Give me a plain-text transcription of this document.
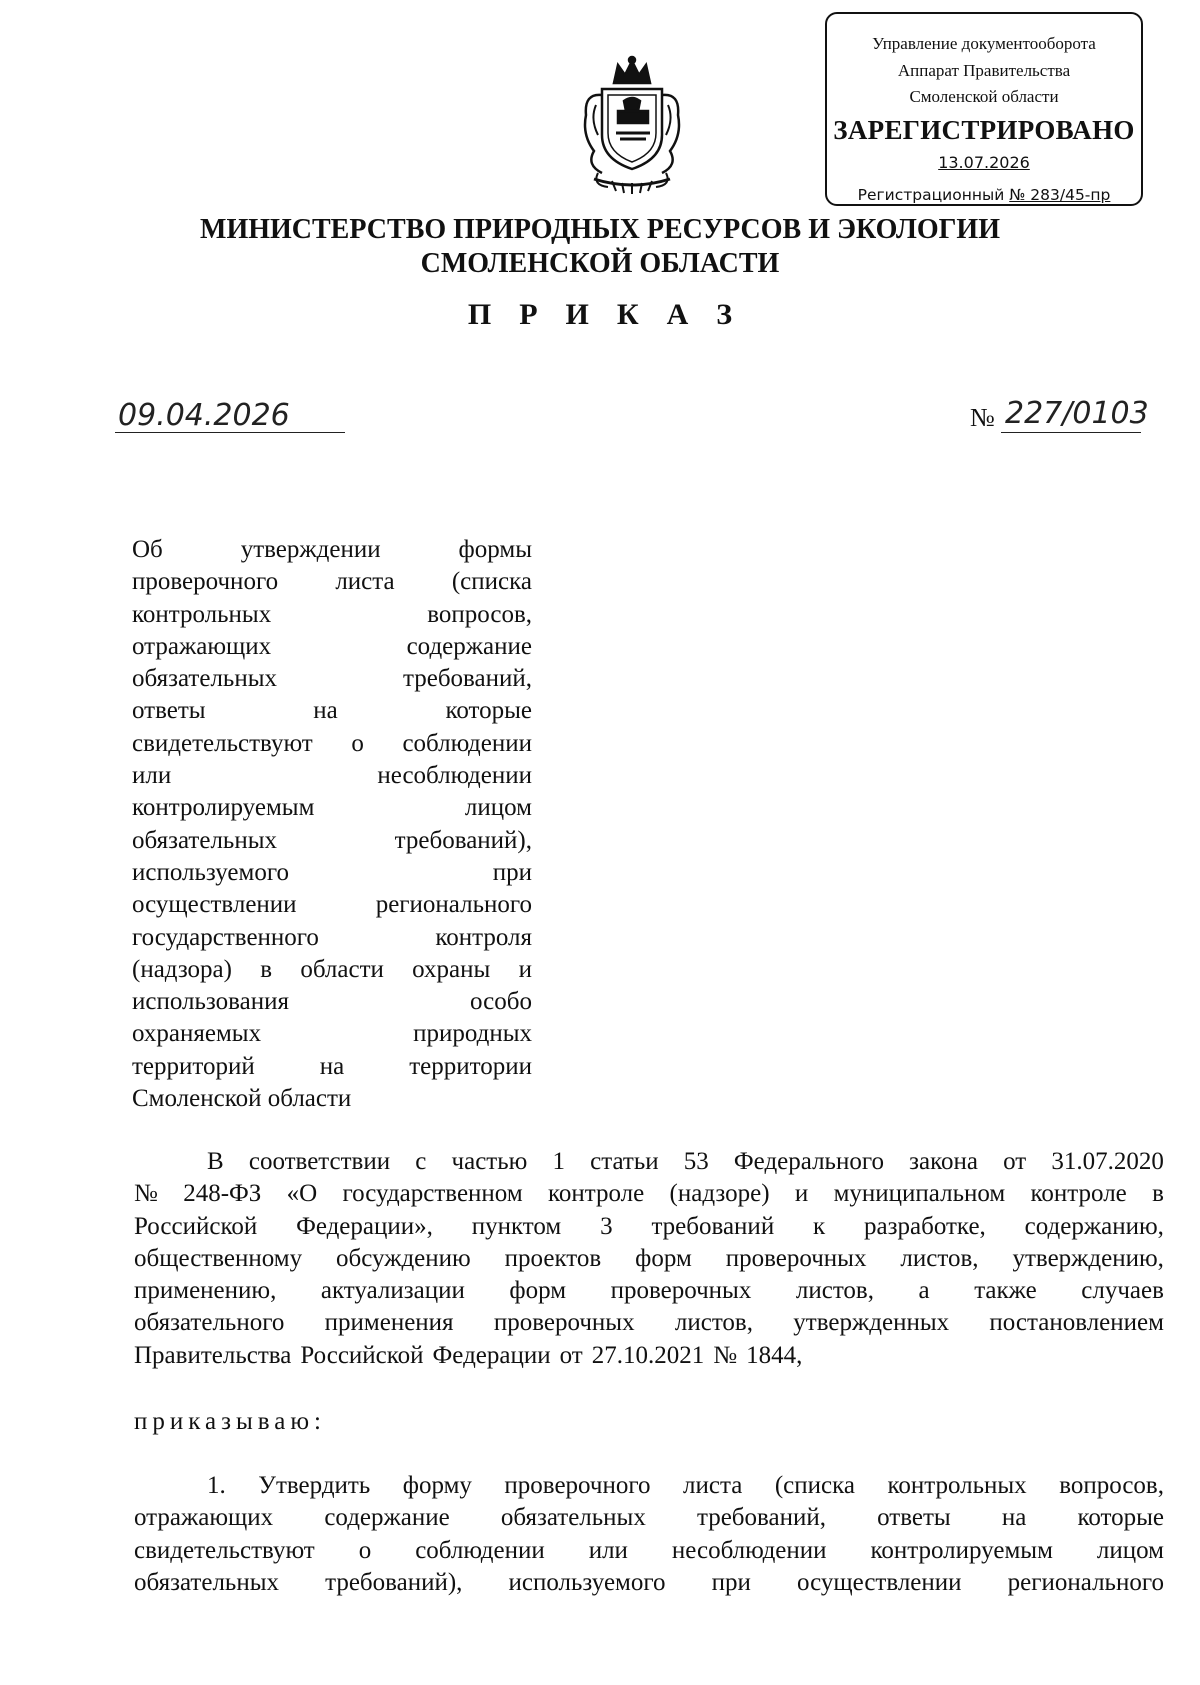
Управление документооборота
Аппарат Правительства
Смоленской области
ЗАРЕГИСТРИРОВАНО
13.07.2026
Регистрационный № 283/45-пр
МИНИСТЕРСТВО ПРИРОДНЫХ РЕСУРСОВ И ЭКОЛОГИИ
СМОЛЕНСКОЙ ОБЛАСТИ
П Р И К А З
09.04.2026	№ 227/0103
Об утверждении формы
проверочного листа (списка
контрольных вопросов,
отражающих содержание
обязательных требований,
ответы на которые
свидетельствуют о соблюдении
или несоблюдении
контролируемым лицом
обязательных требований),
используемого при
осуществлении регионального
государственного контроля
(надзора) в области охраны и
использования особо
охраняемых природных
территорий на территории
Смоленской области
В соответствии с частью 1 статьи 53 Федерального закона от 31.07.2020
№ 248-ФЗ «О государственном контроле (надзоре) и муниципальном контроле в
Российской Федерации», пунктом 3 требований к разработке, содержанию,
общественному обсуждению проектов форм проверочных листов, утверждению,
применению, актуализации форм проверочных листов, а также случаев
обязательного применения проверочных листов, утвержденных постановлением
Правительства Российской Федерации от 27.10.2021 № 1844,
приказываю:
1. Утвердить форму проверочного листа (списка контрольных вопросов,
отражающих содержание обязательных требований, ответы на которые
свидетельствуют о соблюдении или несоблюдении контролируемым лицом
обязательных требований), используемого при осуществлении регионального
